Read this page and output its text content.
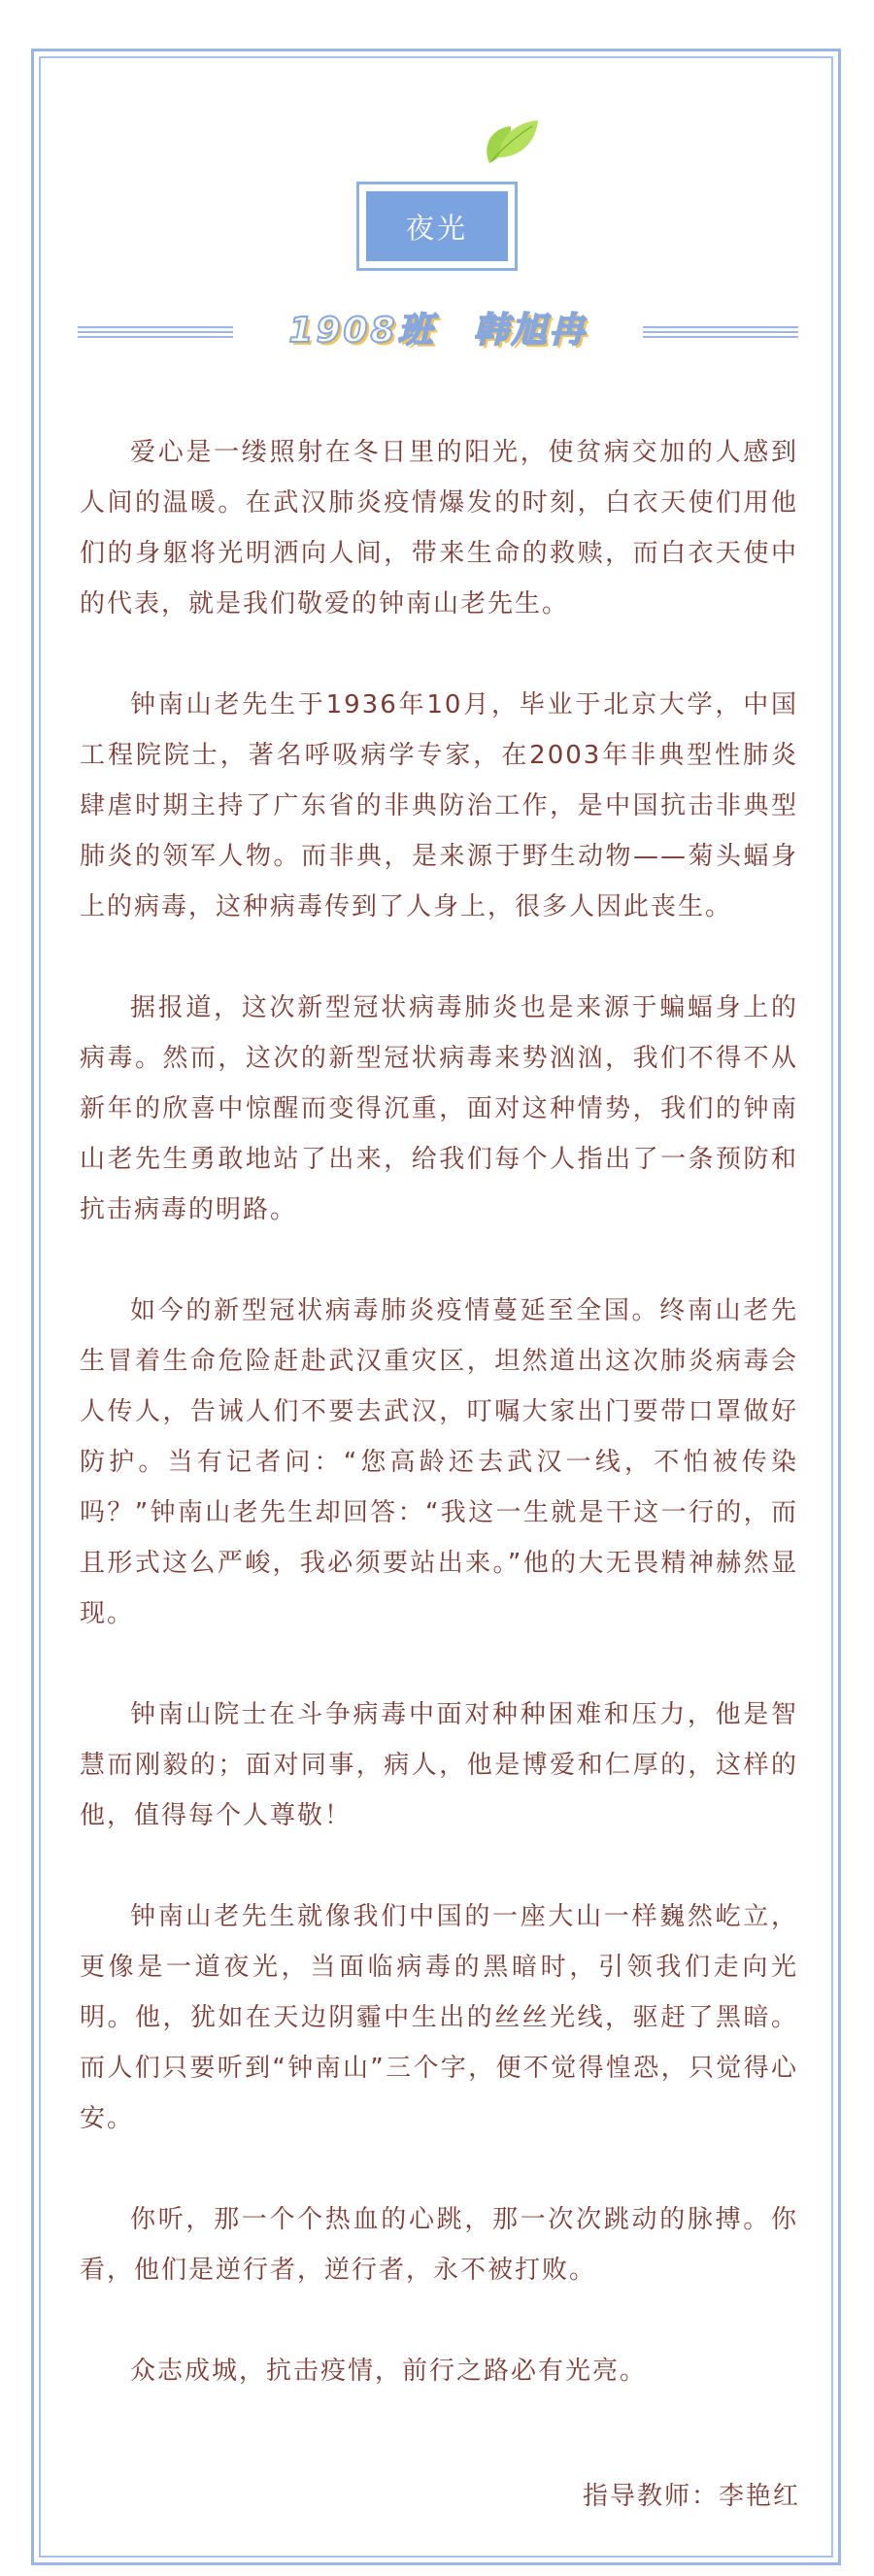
夜光
1908班　韩旭冉

爱心是一缕照射在冬日里的阳光，使贫病交加的人感到人间的温暖。在武汉肺炎疫情爆发的时刻，白衣天使们用他们的身躯将光明洒向人间，带来生命的救赎，而白衣天使中的代表，就是我们敬爱的钟南山老先生。

钟南山老先生于1936年10月，毕业于北京大学，中国工程院院士，著名呼吸病学专家，在2003年非典型性肺炎肆虐时期主持了广东省的非典防治工作，是中国抗击非典型肺炎的领军人物。而非典，是来源于野生动物——菊头蝠身上的病毒，这种病毒传到了人身上，很多人因此丧生。

据报道，这次新型冠状病毒肺炎也是来源于蝙蝠身上的病毒。然而，这次的新型冠状病毒来势汹汹，我们不得不从新年的欣喜中惊醒而变得沉重，面对这种情势，我们的钟南山老先生勇敢地站了出来，给我们每个人指出了一条预防和抗击病毒的明路。

如今的新型冠状病毒肺炎疫情蔓延至全国。终南山老先生冒着生命危险赶赴武汉重灾区，坦然道出这次肺炎病毒会人传人，告诫人们不要去武汉，叮嘱大家出门要带口罩做好防护。当有记者问：“您高龄还去武汉一线，不怕被传染吗？”钟南山老先生却回答：“我这一生就是干这一行的，而且形式这么严峻，我必须要站出来。”他的大无畏精神赫然显现。

钟南山院士在斗争病毒中面对种种困难和压力，他是智慧而刚毅的；面对同事，病人，他是博爱和仁厚的，这样的他，值得每个人尊敬！

钟南山老先生就像我们中国的一座大山一样巍然屹立，更像是一道夜光，当面临病毒的黑暗时，引领我们走向光明。他，犹如在天边阴霾中生出的丝丝光线，驱赶了黑暗。而人们只要听到“钟南山”三个字，便不觉得惶恐，只觉得心安。

你听，那一个个热血的心跳，那一次次跳动的脉搏。你看，他们是逆行者，逆行者，永不被打败。

众志成城，抗击疫情，前行之路必有光亮。

指导教师：李艳红
